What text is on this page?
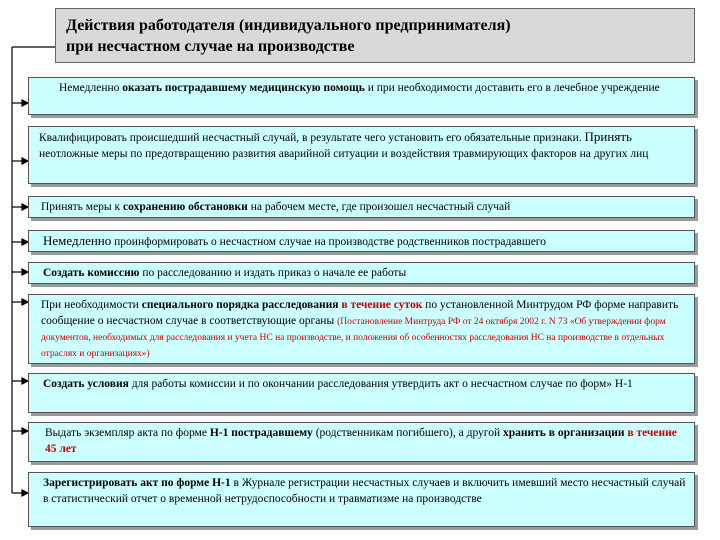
Действия работодателя (индивидуального предпринимателя)
при несчастном случае на производстве
Немедленно оказать пострадавшему медицинскую помощь и при необходимости доставить его в лечебное учреждение
Квалифицировать происшедший несчастный случай, в результате чего установить его обязательные признаки. Принять неотложные меры по предотвращению развития аварийной ситуации и воздействия травмирующих факторов на других лиц
Принять меры к сохранению обстановки на рабочем месте, где произошел несчастный случай
Немедленно проинформировать о несчастном случае на производстве родственников пострадавшего
Создать комиссию по расследованию и издать приказ о начале ее работы
При необходимости специального порядка расследования в течение суток по установленной Минтрудом РФ форме направить сообщение о несчастном случае в соответствующие органы (Постановление Минтруда РФ от 24 октября 2002 г. N 73 «Об утверждении форм документов, необходимых для расследования и учета НС на производстве, и положения об особенностях расследования НС на производстве в отдельных отраслях и организациях»)
Создать условия для работы комиссии и по окончании расследования утвердить акт о несчастном случае по форм» Н-1
Выдать экземпляр акта по форме Н-1 пострадавшему (родственникам погибшего), а другой хранить в организации в течение 45 лет
Зарегистрировать акт по форме Н-1 в Журнале регистрации несчастных случаев и включить имевший место несчастный случай в статистический отчет о временной нетрудоспособности и травматизме на производстве
